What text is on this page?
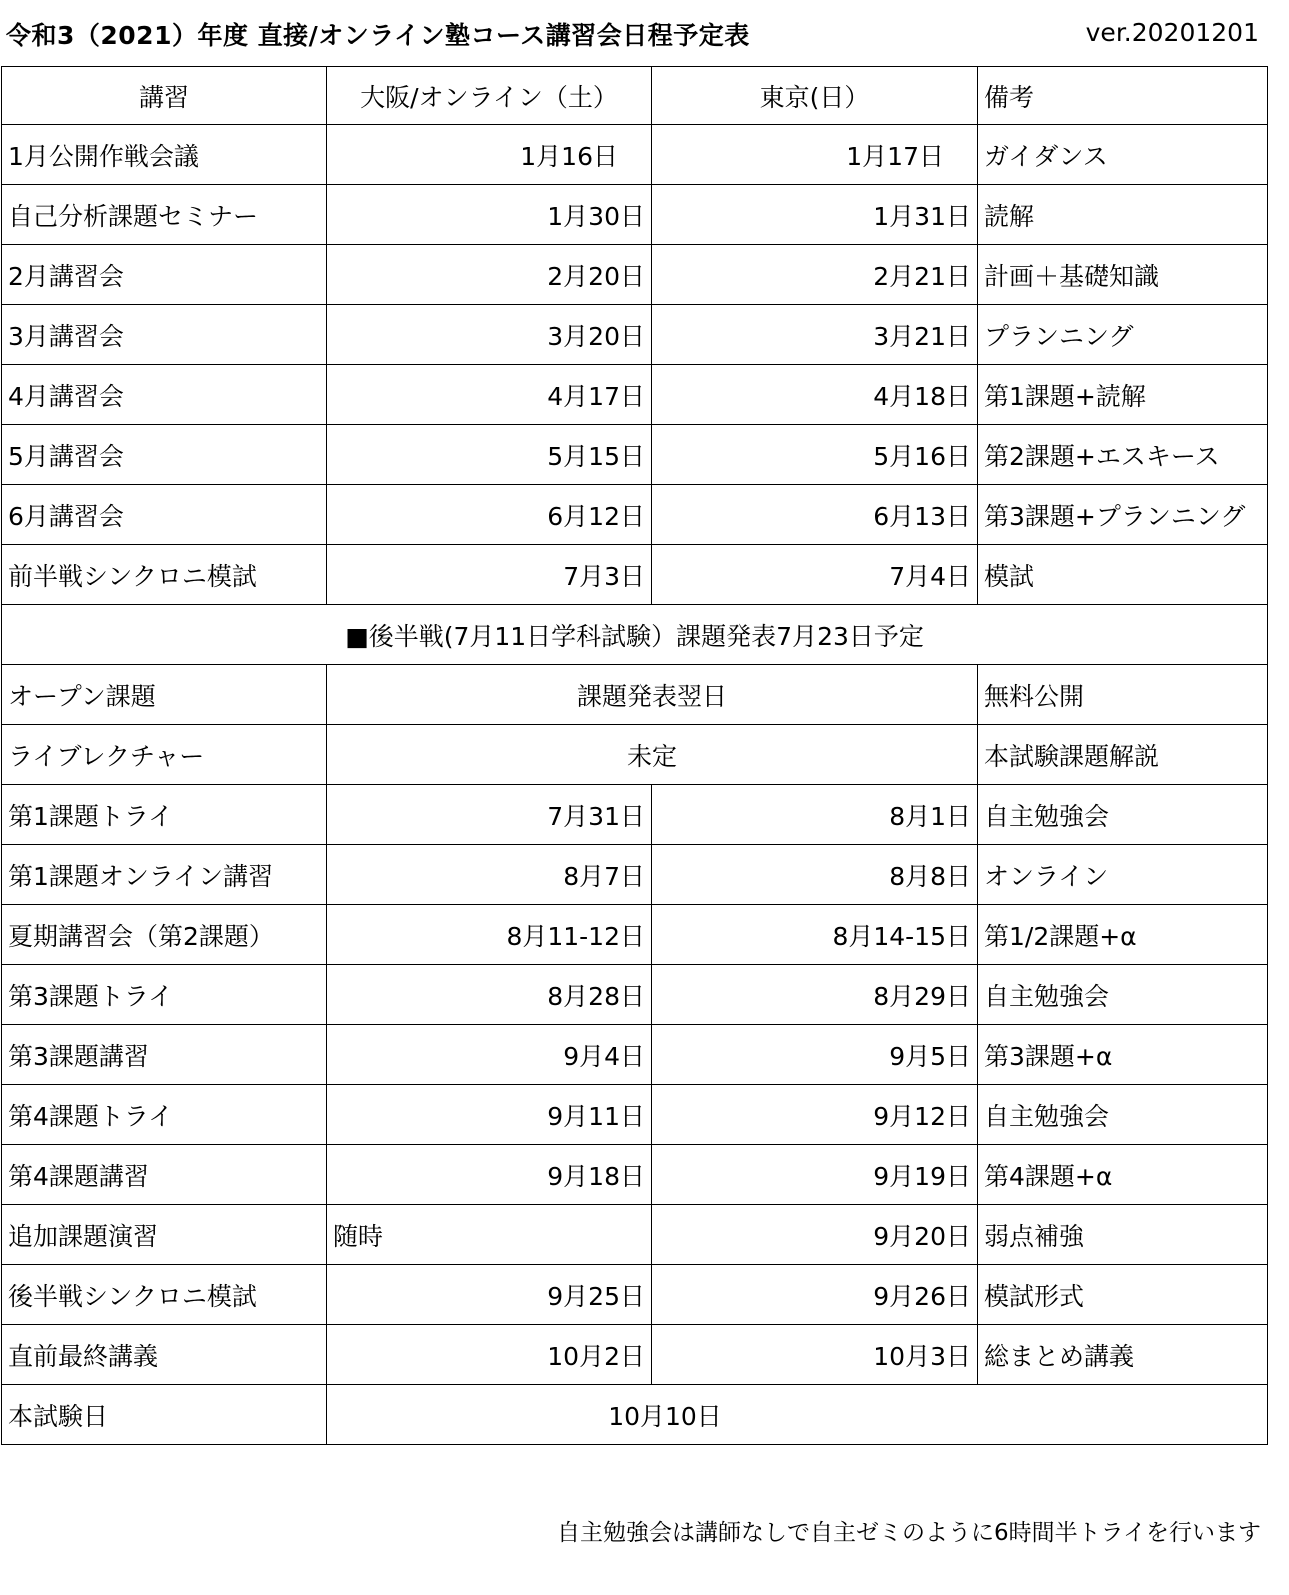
令和3（2021）年度 直接/オンライン塾コース講習会日程予定表	ver.20201201
講習	大阪/オンライン（土）	東京(日）	備考
1月公開作戦会議	1月16日	1月17日	ガイダンス
自己分析課題セミナー	1月30日	1月31日	読解
2月講習会	2月20日	2月21日	計画＋基礎知識
3月講習会	3月20日	3月21日	プランニング
4月講習会	4月17日	4月18日	第1課題+読解
5月講習会	5月15日	5月16日	第2課題+エスキース
6月講習会	6月12日	6月13日	第3課題+プランニング
前半戦シンクロニ模試	7月3日	7月4日	模試
■後半戦(7月11日学科試験）課題発表7月23日予定			
オープン課題	課題発表翌日		無料公開
ライブレクチャー	未定		本試験課題解説
第1課題トライ	7月31日	8月1日	自主勉強会
第1課題オンライン講習	8月7日	8月8日	オンライン
夏期講習会（第2課題）	8月11-12日	8月14-15日	第1/2課題+α
第3課題トライ	8月28日	8月29日	自主勉強会
第3課題講習	9月4日	9月5日	第3課題+α
第4課題トライ	9月11日	9月12日	自主勉強会
第4課題講習	9月18日	9月19日	第4課題+α
追加課題演習	随時	9月20日	弱点補強
後半戦シンクロニ模試	9月25日	9月26日	模試形式
直前最終講義	10月2日	10月3日	総まとめ講義
本試験日	10月10日		
自主勉強会は講師なしで自主ゼミのように6時間半トライを行います
